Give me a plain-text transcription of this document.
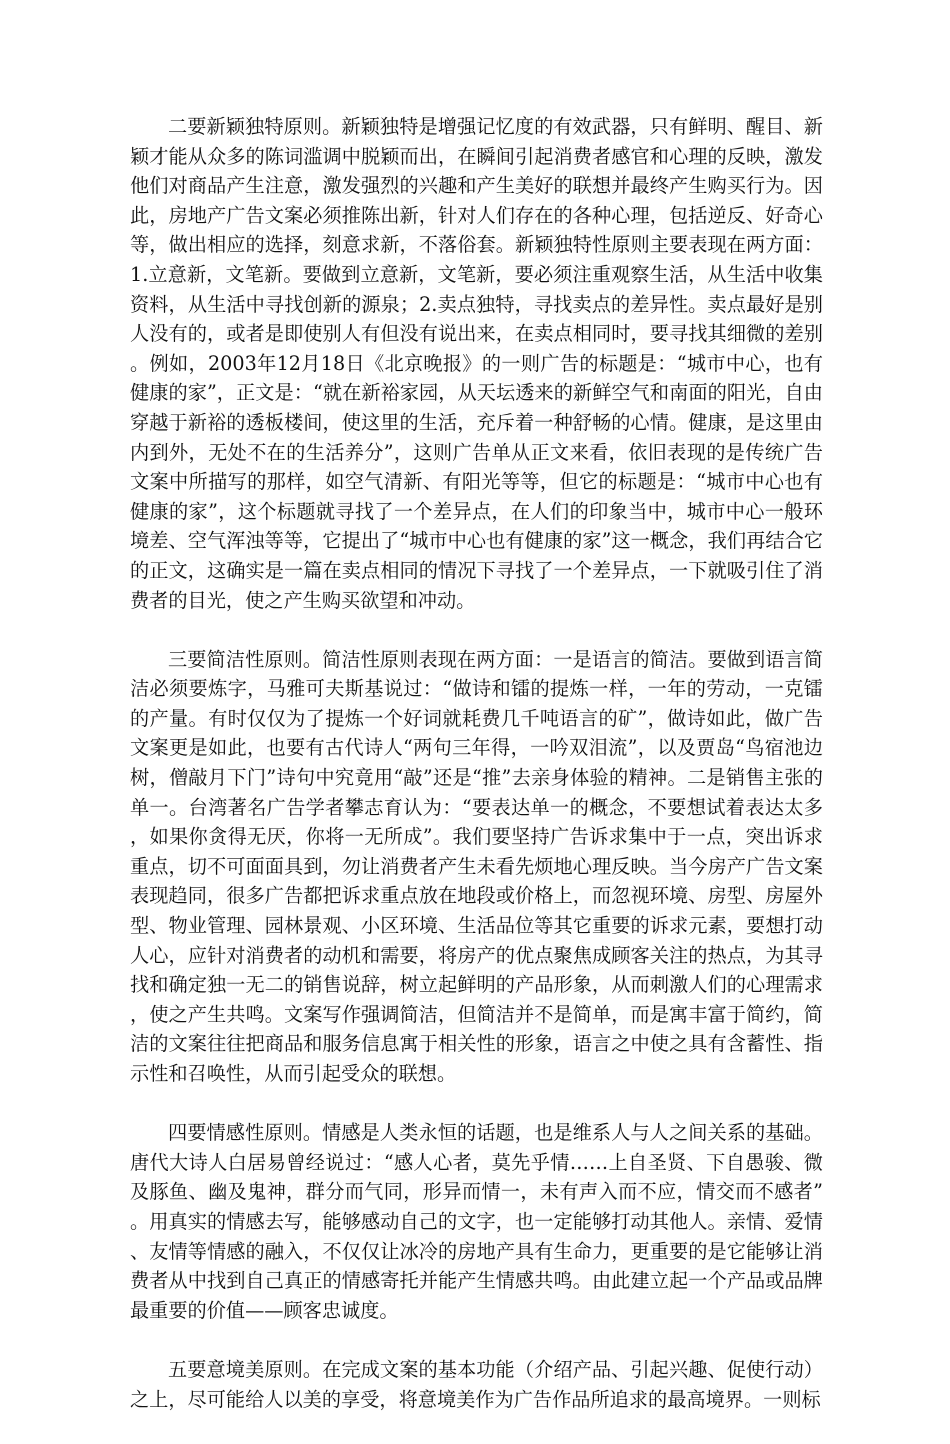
二要新颖独特原则。新颖独特是增强记忆度的有效武器，只有鲜明、醒目、新颖才能从众多的陈词滥调中脱颖而出，在瞬间引起消费者感官和心理的反映，激发他们对商品产生注意，激发强烈的兴趣和产生美好的联想并最终产生购买行为。因此，房地产广告文案必须推陈出新，针对人们存在的各种心理，包括逆反、好奇心等，做出相应的选择，刻意求新，不落俗套。新颖独特性原则主要表现在两方面：1.立意新，文笔新。要做到立意新，文笔新，要必须注重观察生活，从生活中收集资料，从生活中寻找创新的源泉；2.卖点独特，寻找卖点的差异性。卖点最好是别人没有的，或者是即使别人有但没有说出来，在卖点相同时，要寻找其细微的差别。例如，2003年12月18日《北京晚报》的一则广告的标题是：“城市中心，也有健康的家”，正文是：“就在新裕家园，从天坛透来的新鲜空气和南面的阳光，自由穿越于新裕的透板楼间，使这里的生活，充斥着一种舒畅的心情。健康，是这里由内到外，无处不在的生活养分”，这则广告单从正文来看，依旧表现的是传统广告文案中所描写的那样，如空气清新、有阳光等等，但它的标题是：“城市中心也有健康的家”，这个标题就寻找了一个差异点，在人们的印象当中，城市中心一般环境差、空气浑浊等等，它提出了“城市中心也有健康的家”这一概念，我们再结合它的正文，这确实是一篇在卖点相同的情况下寻找了一个差异点，一下就吸引住了消费者的目光，使之产生购买欲望和冲动。

三要简洁性原则。简洁性原则表现在两方面：一是语言的简洁。要做到语言简洁必须要炼字，马雅可夫斯基说过：“做诗和镭的提炼一样，一年的劳动，一克镭的产量。有时仅仅为了提炼一个好词就耗费几千吨语言的矿”，做诗如此，做广告文案更是如此，也要有古代诗人“两句三年得，一吟双泪流”，以及贾岛“鸟宿池边树，僧敲月下门”诗句中究竟用“敲”还是“推”去亲身体验的精神。二是销售主张的单一。台湾著名广告学者攀志育认为：“要表达单一的概念，不要想试着表达太多，如果你贪得无厌，你将一无所成”。我们要坚持广告诉求集中于一点，突出诉求重点，切不可面面具到，勿让消费者产生未看先烦地心理反映。当今房产广告文案表现趋同，很多广告都把诉求重点放在地段或价格上，而忽视环境、房型、房屋外型、物业管理、园林景观、小区环境、生活品位等其它重要的诉求元素，要想打动人心，应针对消费者的动机和需要，将房产的优点聚焦成顾客关注的热点，为其寻找和确定独一无二的销售说辞，树立起鲜明的产品形象，从而刺激人们的心理需求，使之产生共鸣。文案写作强调简洁，但简洁并不是简单，而是寓丰富于简约，简洁的文案往往把商品和服务信息寓于相关性的形象，语言之中使之具有含蓄性、指示性和召唤性，从而引起受众的联想。

四要情感性原则。情感是人类永恒的话题，也是维系人与人之间关系的基础。唐代大诗人白居易曾经说过：“感人心者，莫先乎情……上自圣贤、下自愚骏、微及豚鱼、幽及鬼神，群分而气同，形异而情一，未有声入而不应，情交而不感者”。用真实的情感去写，能够感动自己的文字，也一定能够打动其他人。亲情、爱情、友情等情感的融入，不仅仅让冰冷的房地产具有生命力，更重要的是它能够让消费者从中找到自己真正的情感寄托并能产生情感共鸣。由此建立起一个产品或品牌最重要的价值——顾客忠诚度。

五要意境美原则。在完成文案的基本功能（介绍产品、引起兴趣、促使行动）之上，尽可能给人以美的享受，将意境美作为广告作品所追求的最高境界。一则标
